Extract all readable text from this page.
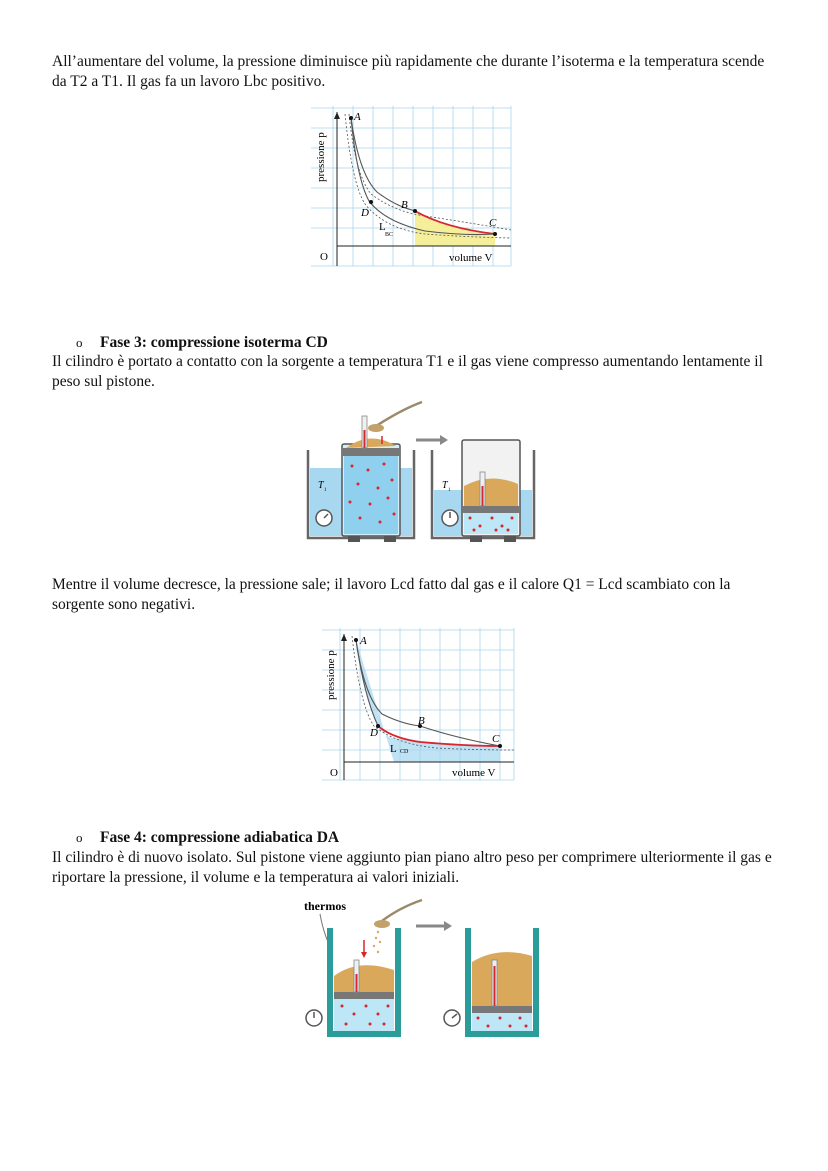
All’aumentare del volume, la pressione diminuisce più rapidamente che durante l’isoterma e la temperatura scende da T2 a T1. Il gas fa un lavoro Lbc positivo.

A
B
C
D
L
BC
O	volume V
pressione p

o Fase 3: compressione isoterma CD

Il cilindro è portato a contatto con la sorgente a temperatura T1 e il gas viene compresso aumentando lentamente il peso sul pistone.

T 1	T 1

Mentre il volume decresce, la pressione sale; il lavoro Lcd fatto dal gas e il calore Q1 = Lcd scambiato con la sorgente sono negativi.

A
B
C
D
L CD
O	volume V
pressione p

o Fase 4: compressione adiabatica DA

Il cilindro è di nuovo isolato. Sul pistone viene aggiunto pian piano altro peso per comprimere ulteriormente il gas e riportare la pressione, il volume e la temperatura ai valori iniziali.

thermos
